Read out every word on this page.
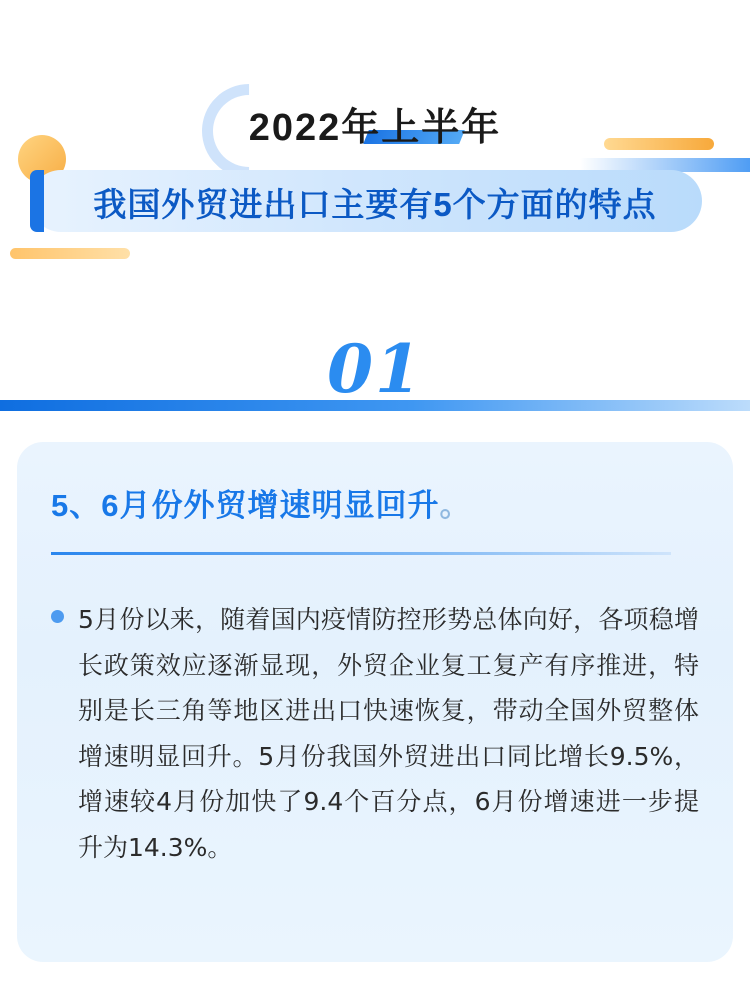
2022年上半年
我国外贸进出口主要有5个方面的特点
01
5、6月份外贸增速明显回升。
5月份以来，随着国内疫情防控形势总体向好，各项稳增长政策效应逐渐显现，外贸企业复工复产有序推进，特别是长三角等地区进出口快速恢复，带动全国外贸整体增速明显回升。5月份我国外贸进出口同比增长9.5%，增速较4月份加快了9.4个百分点，6月份增速进一步提升为14.3%。
